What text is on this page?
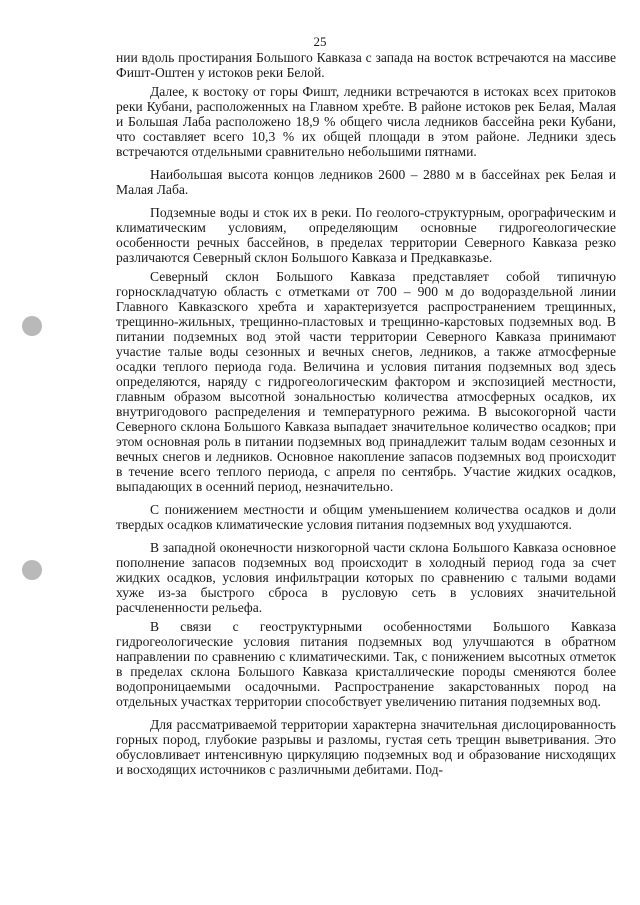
25

нии вдоль простирания Большого Кавказа с запада на восток встречаются на массиве Фишт-Оштен у истоков реки Белой.

Далее, к востоку от горы Фишт, ледники встречаются в истоках всех притоков реки Кубани, расположенных на Главном хребте. В районе истоков рек Белая, Малая и Большая Лаба расположено 18,9 % общего числа ледников бассейна реки Кубани, что составляет всего 10,3 % их общей площади в этом районе. Ледники здесь встречаются отдельными сравнительно небольшими пятнами.

Наибольшая высота концов ледников 2600 – 2880 м в бассейнах рек Белая и Малая Лаба.

Подземные воды и сток их в реки. По геолого-структурным, орографическим и климатическим условиям, определяющим основные гидрогеологические особенности речных бассейнов, в пределах территории Северного Кавказа резко различаются Северный склон Большого Кавказа и Предкавказье.

Северный склон Большого Кавказа представляет собой типичную горноскладчатую область с отметками от 700 – 900 м до водораздельной линии Главного Кавказского хребта и характеризуется распространением трещинных, трещинно-жильных, трещинно-пластовых и трещинно-карстовых подземных вод. В питании подземных вод этой части территории Северного Кавказа принимают участие талые воды сезонных и вечных снегов, ледников, а также атмосферные осадки теплого периода года. Величина и условия питания подземных вод здесь определяются, наряду с гидрогеологическим фактором и экспозицией местности, главным образом высотной зональностью количества атмосферных осадков, их внутригодового распределения и температурного режима. В высокогорной части Северного склона Большого Кавказа выпадает значительное количество осадков; при этом основная роль в питании подземных вод принадлежит талым водам сезонных и вечных снегов и ледников. Основное накопление запасов подземных вод происходит в течение всего теплого периода, с апреля по сентябрь. Участие жидких осадков, выпадающих в осенний период, незначительно.

С понижением местности и общим уменьшением количества осадков и доли твердых осадков климатические условия питания подземных вод ухудшаются.

В западной оконечности низкогорной части склона Большого Кавказа основное пополнение запасов подземных вод происходит в холодный период года за счет жидких осадков, условия инфильтрации которых по сравнению с талыми водами хуже из-за быстрого сброса в русловую сеть в условиях значительной расчлененности рельефа.

В связи с геоструктурными особенностями Большого Кавказа гидрогеологические условия питания подземных вод улучшаются в обратном направлении по сравнению с климатическими. Так, с понижением высотных отметок в пределах склона Большого Кавказа кристаллические породы сменяются более водопроницаемыми осадочными. Распространение закарстованных пород на отдельных участках территории способствует увеличению питания подземных вод.

Для рассматриваемой территории характерна значительная дислоцированность горных пород, глубокие разрывы и разломы, густая сеть трещин выветривания. Это обусловливает интенсивную циркуляцию подземных вод и образование нисходящих и восходящих источников с различными дебитами. Под-
